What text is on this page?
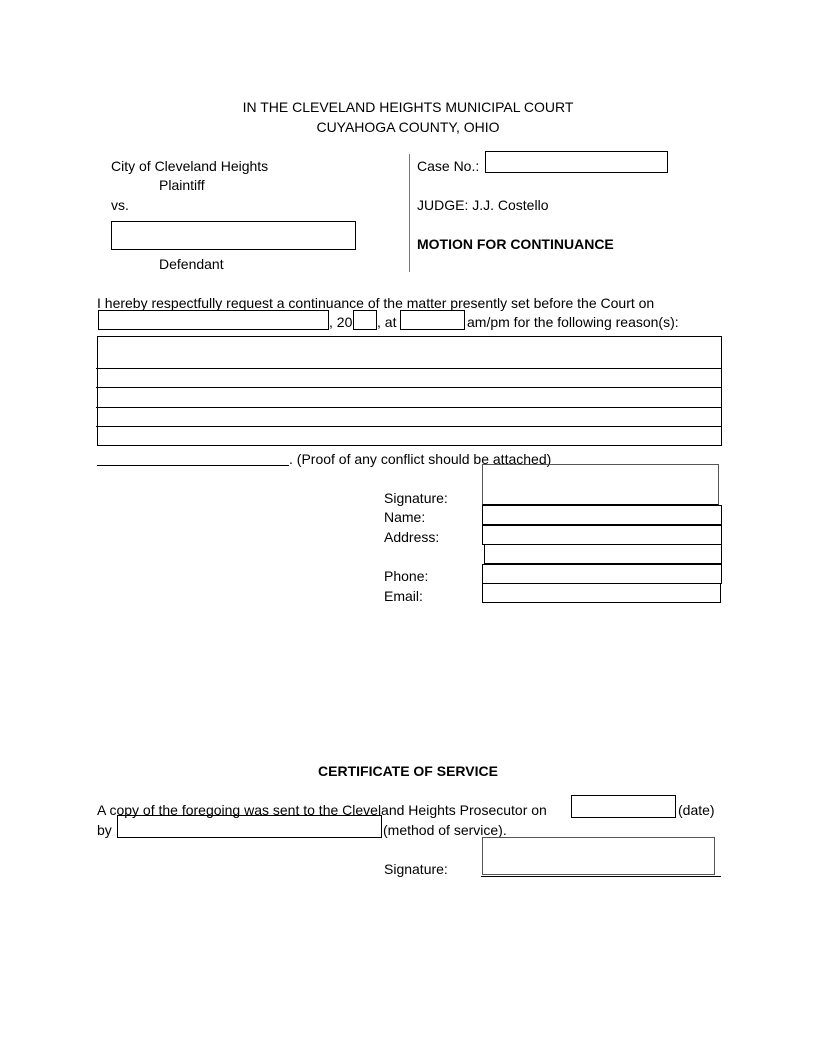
IN THE CLEVELAND HEIGHTS MUNICIPAL COURT
CUYAHOGA COUNTY, OHIO
City of Cleveland Heights
Plaintiff
vs.
Defendant
Case No.:
JUDGE: J.J. Costello
MOTION FOR CONTINUANCE
I hereby respectfully request a continuance of the matter presently set before the Court on
, 20 , at	am/pm for the following reason(s):
. (Proof of any conflict should be attached)
Signature:
Name:
Address:
Phone:
Email:
CERTIFICATE OF SERVICE
A copy of the foregoing was sent to the Cleveland Heights Prosecutor on	(date)
by	(method of service).
Signature:
